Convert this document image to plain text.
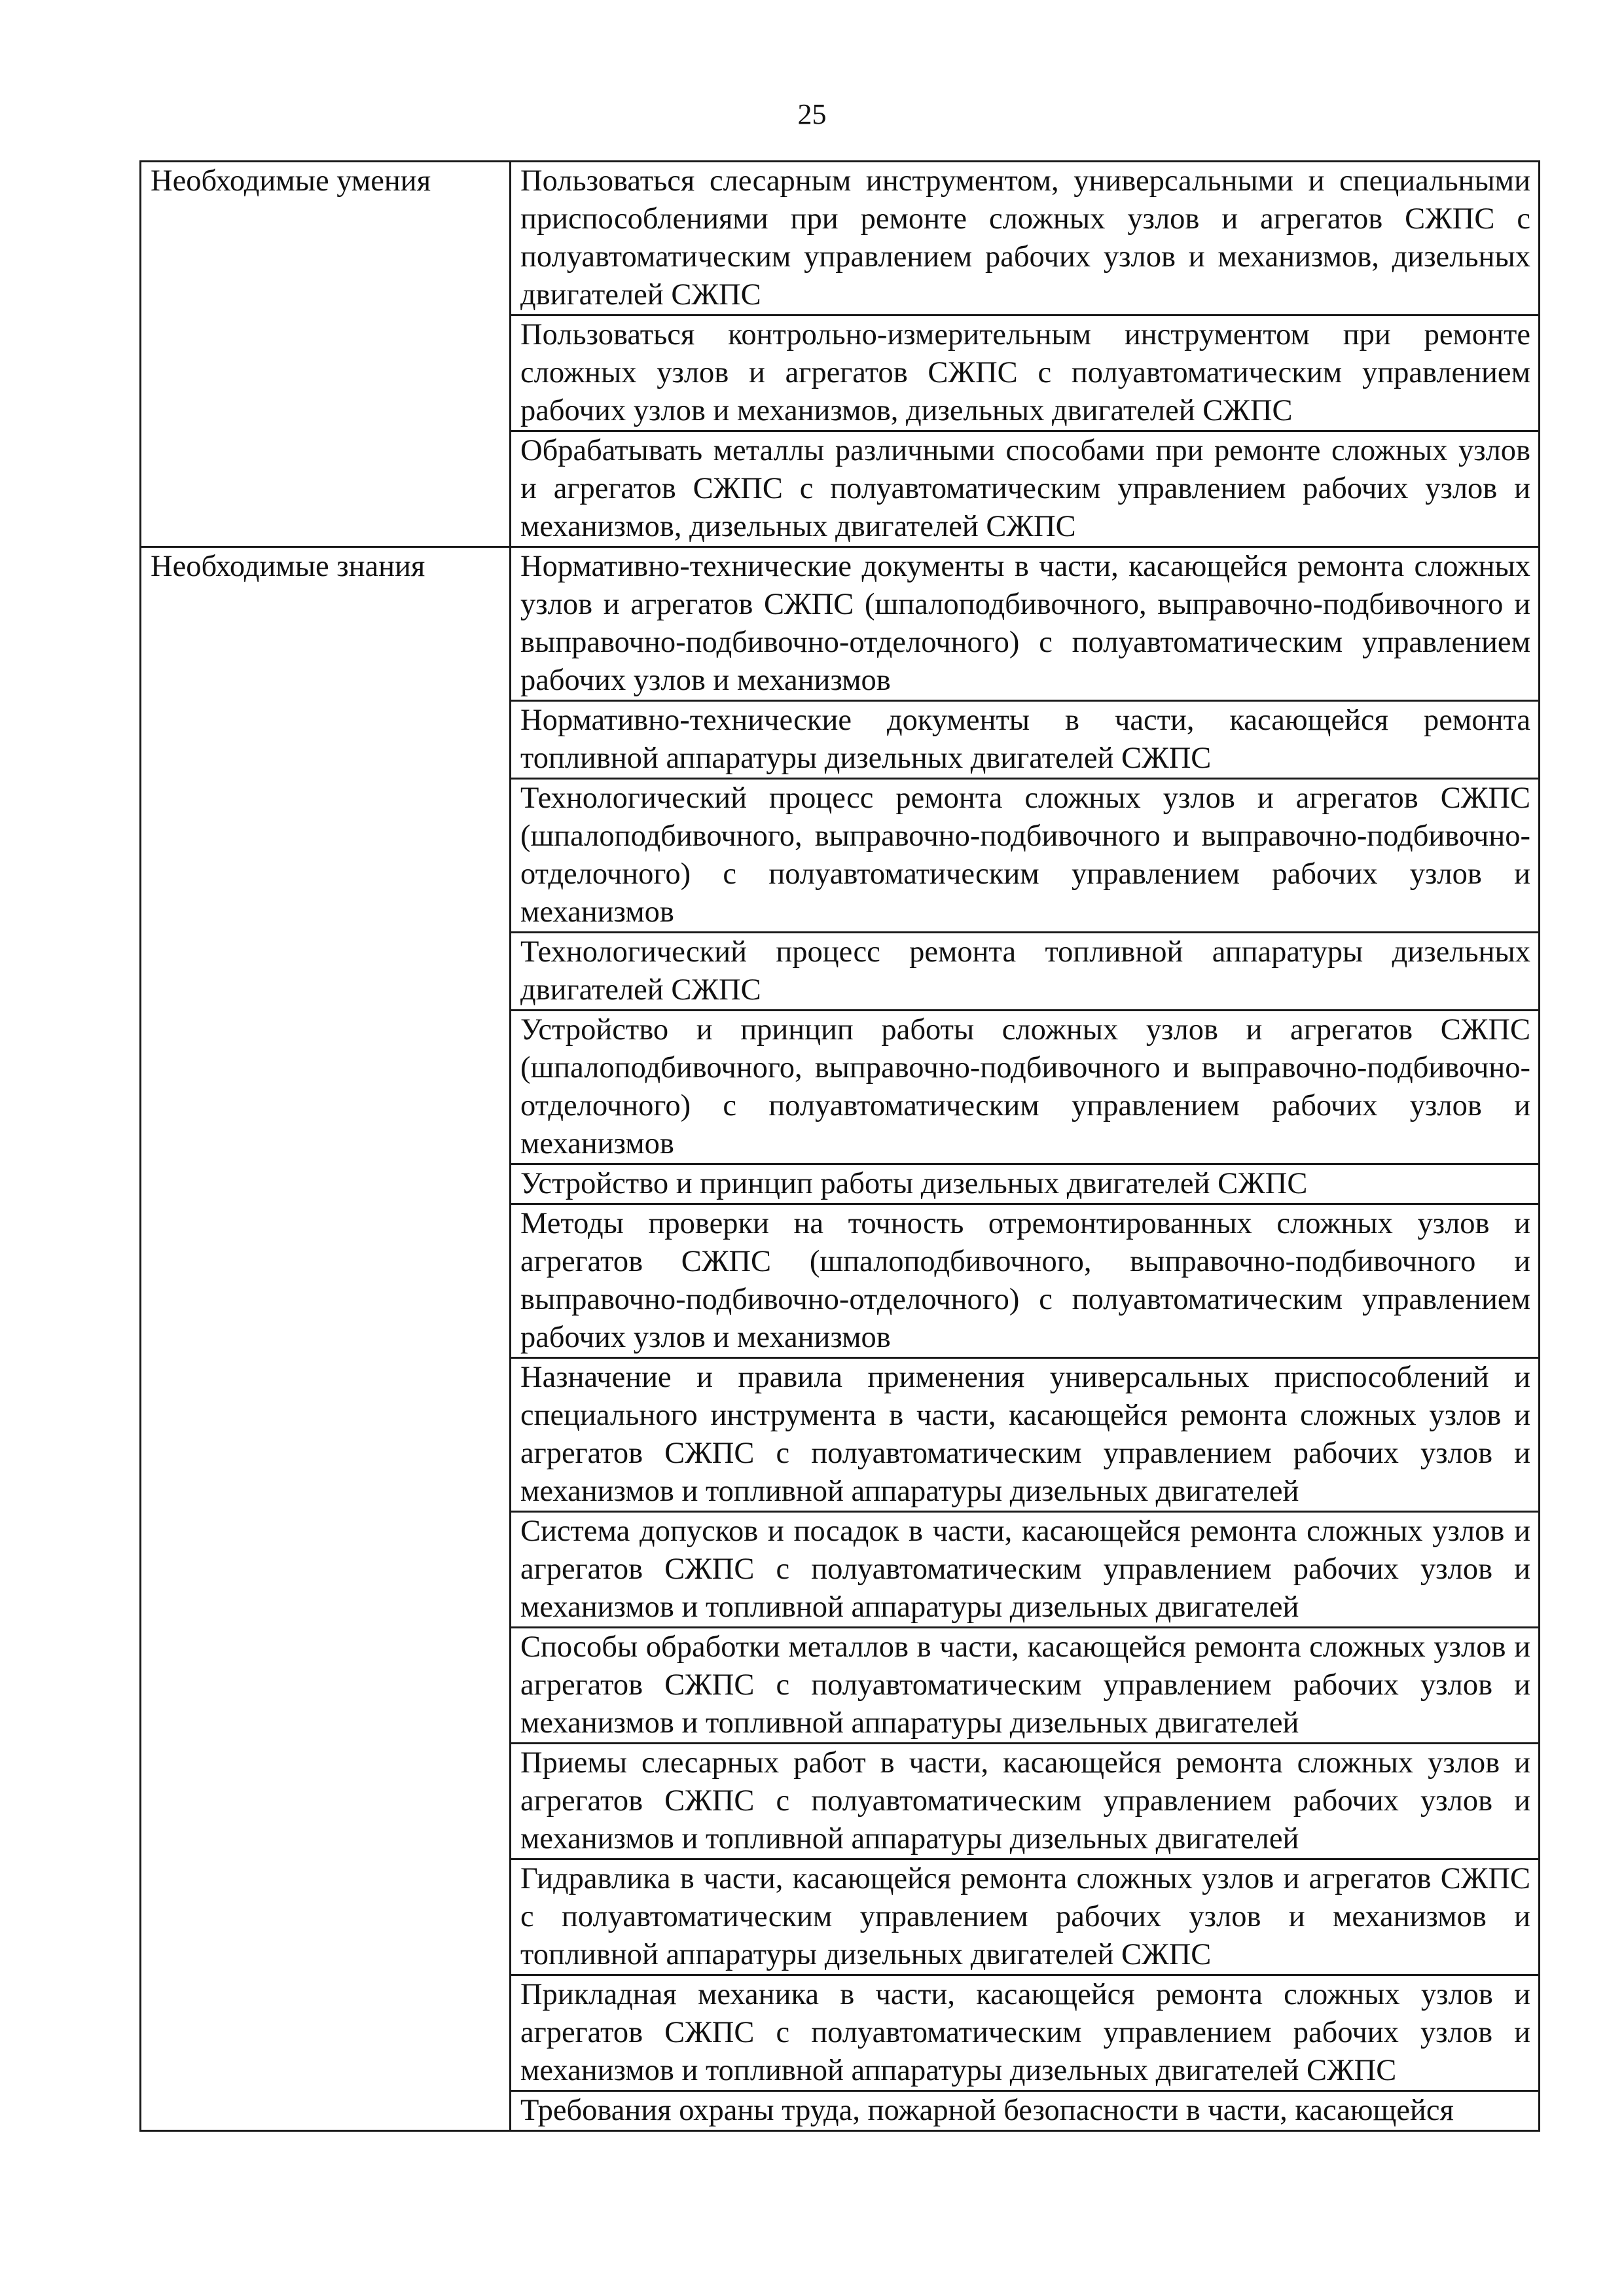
25
Необходимые умения	Пользоваться слесарным инструментом, универсальными и специальными приспособлениями при ремонте сложных узлов и агрегатов СЖПС с полуавтоматическим управлением рабочих узлов и механизмов, дизельных двигателей СЖПС
	Пользоваться контрольно-измерительным инструментом при ремонте сложных узлов и агрегатов СЖПС с полуавтоматическим управлением рабочих узлов и механизмов, дизельных двигателей СЖПС
	Обрабатывать металлы различными способами при ремонте сложных узлов и агрегатов СЖПС с полуавтоматическим управлением рабочих узлов и механизмов, дизельных двигателей СЖПС
Необходимые знания	Нормативно-технические документы в части, касающейся ремонта сложных узлов и агрегатов СЖПС (шпалоподбивочного, выправочно-подбивочного и выправочно-подбивочно-отделочного) с полуавтоматическим управлением рабочих узлов и механизмов
	Нормативно-технические документы в части, касающейся ремонта топливной аппаратуры дизельных двигателей СЖПС
	Технологический процесс ремонта сложных узлов и агрегатов СЖПС (шпалоподбивочного, выправочно-подбивочного и выправочно-подбивочно-отделочного) с полуавтоматическим управлением рабочих узлов и механизмов
	Технологический процесс ремонта топливной аппаратуры дизельных двигателей СЖПС
	Устройство и принцип работы сложных узлов и агрегатов СЖПС (шпалоподбивочного, выправочно-подбивочного и выправочно-подбивочно-отделочного) с полуавтоматическим управлением рабочих узлов и механизмов
	Устройство и принцип работы дизельных двигателей СЖПС
	Методы проверки на точность отремонтированных сложных узлов и агрегатов СЖПС (шпалоподбивочного, выправочно-подбивочного и выправочно-подбивочно-отделочного) с полуавтоматическим управлением рабочих узлов и механизмов
	Назначение и правила применения универсальных приспособлений и специального инструмента в части, касающейся ремонта сложных узлов и агрегатов СЖПС с полуавтоматическим управлением рабочих узлов и механизмов и топливной аппаратуры дизельных двигателей
	Система допусков и посадок в части, касающейся ремонта сложных узлов и агрегатов СЖПС с полуавтоматическим управлением рабочих узлов и механизмов и топливной аппаратуры дизельных двигателей
	Способы обработки металлов в части, касающейся ремонта сложных узлов и агрегатов СЖПС с полуавтоматическим управлением рабочих узлов и механизмов и топливной аппаратуры дизельных двигателей
	Приемы слесарных работ в части, касающейся ремонта сложных узлов и агрегатов СЖПС с полуавтоматическим управлением рабочих узлов и механизмов и топливной аппаратуры дизельных двигателей
	Гидравлика в части, касающейся ремонта сложных узлов и агрегатов СЖПС с полуавтоматическим управлением рабочих узлов и механизмов и топливной аппаратуры дизельных двигателей СЖПС
	Прикладная механика в части, касающейся ремонта сложных узлов и агрегатов СЖПС с полуавтоматическим управлением рабочих узлов и механизмов и топливной аппаратуры дизельных двигателей СЖПС
	Требования охраны труда, пожарной безопасности в части, касающейся
